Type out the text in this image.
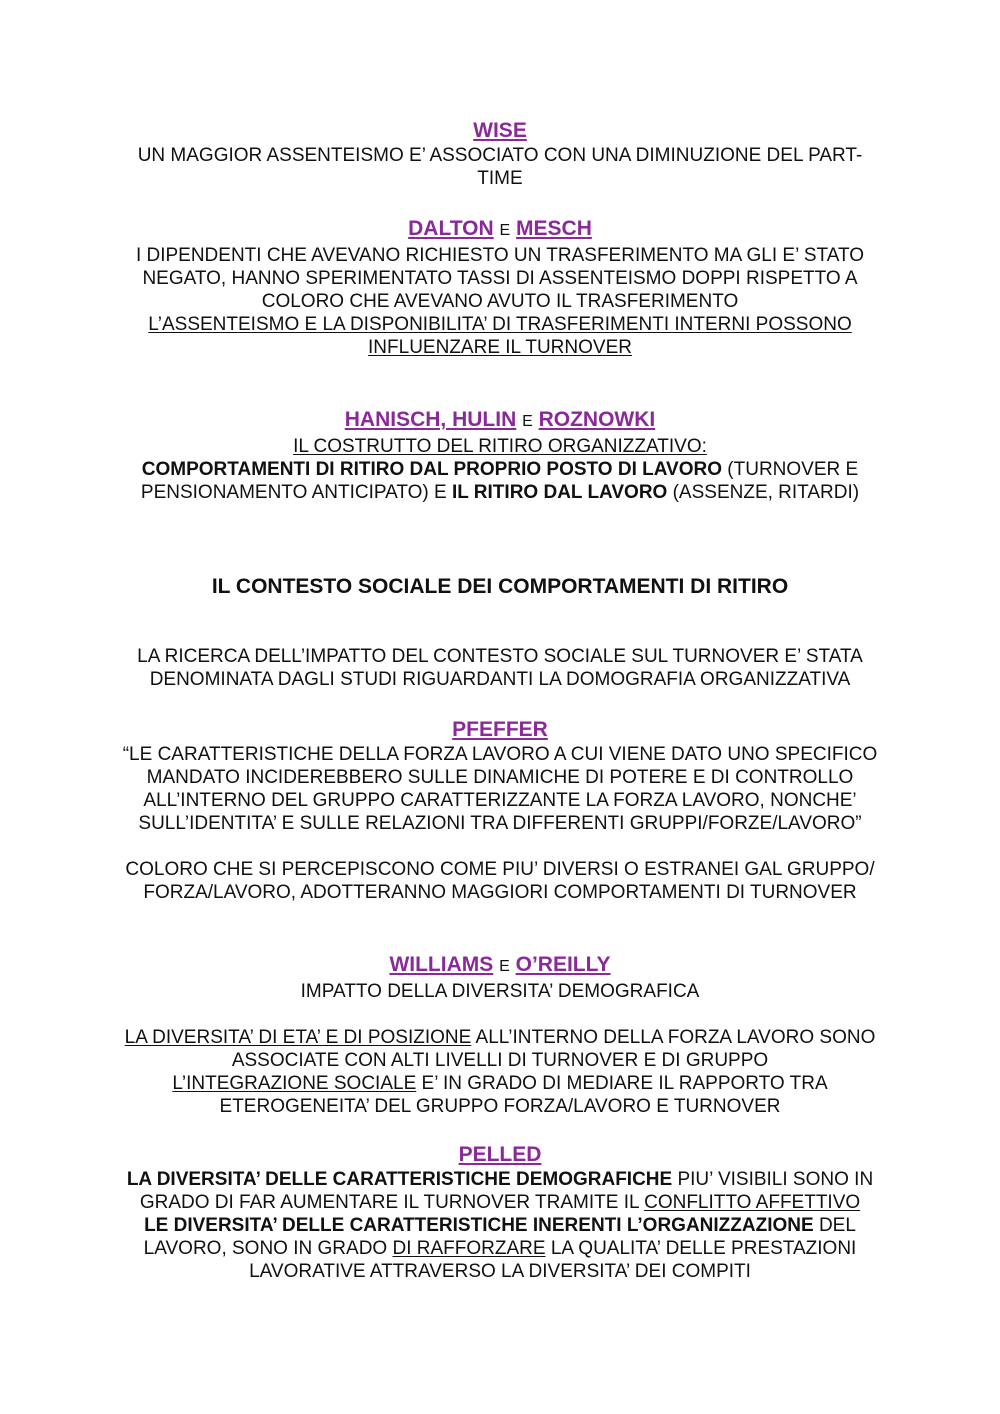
WISE
UN MAGGIOR ASSENTEISMO E’ ASSOCIATO CON UNA DIMINUZIONE DEL PART-
TIME
DALTON E MESCH
I DIPENDENTI CHE AVEVANO RICHIESTO UN TRASFERIMENTO MA GLI E’ STATO
NEGATO, HANNO SPERIMENTATO TASSI DI ASSENTEISMO DOPPI RISPETTO A
COLORO CHE AVEVANO AVUTO IL TRASFERIMENTO
L’ASSENTEISMO E LA DISPONIBILITA’ DI TRASFERIMENTI INTERNI POSSONO
INFLUENZARE IL TURNOVER
HANISCH, HULIN E ROZNOWKI
IL COSTRUTTO DEL RITIRO ORGANIZZATIVO:
COMPORTAMENTI DI RITIRO DAL PROPRIO POSTO DI LAVORO (TURNOVER E
PENSIONAMENTO ANTICIPATO) E IL RITIRO DAL LAVORO (ASSENZE, RITARDI)
IL CONTESTO SOCIALE DEI COMPORTAMENTI DI RITIRO
LA RICERCA DELL’IMPATTO DEL CONTESTO SOCIALE SUL TURNOVER E’ STATA
DENOMINATA DAGLI STUDI RIGUARDANTI LA DOMOGRAFIA ORGANIZZATIVA
PFEFFER
“LE CARATTERISTICHE DELLA FORZA LAVORO A CUI VIENE DATO UNO SPECIFICO
MANDATO INCIDEREBBERO SULLE DINAMICHE DI POTERE E DI CONTROLLO
ALL’INTERNO DEL GRUPPO CARATTERIZZANTE LA FORZA LAVORO, NONCHE’
SULL’IDENTITA’ E SULLE RELAZIONI TRA DIFFERENTI GRUPPI/FORZE/LAVORO”
COLORO CHE SI PERCEPISCONO COME PIU’ DIVERSI O ESTRANEI GAL GRUPPO/
FORZA/LAVORO, ADOTTERANNO MAGGIORI COMPORTAMENTI DI TURNOVER
WILLIAMS E O’REILLY
IMPATTO DELLA DIVERSITA’ DEMOGRAFICA
LA DIVERSITA’ DI ETA’ E DI POSIZIONE ALL’INTERNO DELLA FORZA LAVORO SONO
ASSOCIATE CON ALTI LIVELLI DI TURNOVER E DI GRUPPO
L’INTEGRAZIONE SOCIALE E’ IN GRADO DI MEDIARE IL RAPPORTO TRA
ETEROGENEITA’ DEL GRUPPO FORZA/LAVORO E TURNOVER
PELLED
LA DIVERSITA’ DELLE CARATTERISTICHE DEMOGRAFICHE PIU’ VISIBILI SONO IN
GRADO DI FAR AUMENTARE IL TURNOVER TRAMITE IL CONFLITTO AFFETTIVO
LE DIVERSITA’ DELLE CARATTERISTICHE INERENTI L’ORGANIZZAZIONE DEL
LAVORO, SONO IN GRADO DI RAFFORZARE LA QUALITA’ DELLE PRESTAZIONI
LAVORATIVE ATTRAVERSO LA DIVERSITA’ DEI COMPITI
